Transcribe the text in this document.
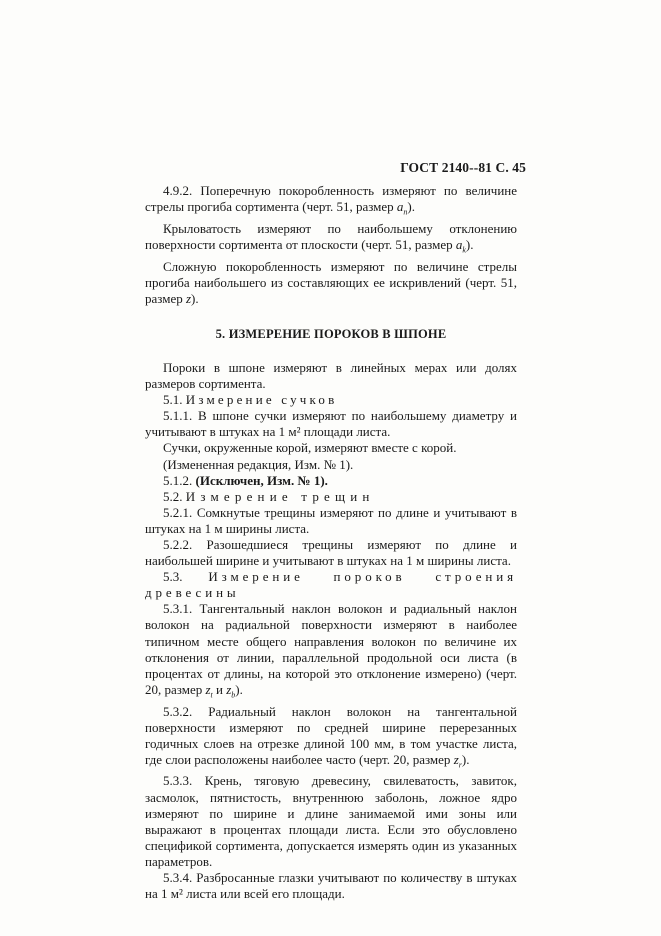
ГОСТ 2140--81 С. 45

4.9.2. Поперечную покоробленность измеряют по величине стрелы прогиба сортимента (черт. 51, размер $a_n$).

Крыловатость измеряют по наибольшему отклонению поверхности сортимента от плоскости (черт. 51, размер $a_k$).

Сложную покоробленность измеряют по величине стрелы прогиба наибольшего из составляющих ее искривлений (черт. 51, размер z).

5. ИЗМЕРЕНИЕ ПОРОКОВ В ШПОНЕ

Пороки в шпоне измеряют в линейных мерах или долях размеров сортимента.

5.1. Измерение сучков

5.1.1. В шпоне сучки измеряют по наибольшему диаметру и учитывают в штуках на 1 м² площади листа.

Сучки, окруженные корой, измеряют вместе с корой.

(Измененная редакция, Изм. № 1).

5.1.2. (Исключен, Изм. № 1).

5.2. Измерение трещин

5.2.1. Сомкнутые трещины измеряют по длине и учитывают в штуках на 1 м ширины листа.

5.2.2. Разошедшиеся трещины измеряют по длине и наибольшей ширине и учитывают в штуках на 1 м ширины листа.

5.3. Измерение пороков строения древесины

5.3.1. Тангентальный наклон волокон и радиальный наклон волокон на радиальной поверхности измеряют в наиболее типичном месте общего направления волокон по величине их отклонения от линии, параллельной продольной оси листа (в процентах от длины, на которой это отклонение измерено) (черт. 20, размер $z_t$ и $z_b$).

5.3.2. Радиальный наклон волокон на тангентальной поверхности измеряют по средней ширине перерезанных годичных слоев на отрезке длиной 100 мм, в том участке листа, где слои расположены наиболее часто (черт. 20, размер $z_r$).

5.3.3. Крень, тяговую древесину, свилеватость, завиток, засмолок, пятнистость, внутреннюю заболонь, ложное ядро измеряют по ширине и длине занимаемой ими зоны или выражают в процентах площади листа. Если это обусловлено спецификой сортимента, допускается измерять один из указанных параметров.

5.3.4. Разбросанные глазки учитывают по количеству в штуках на 1 м² листа или всей его площади.
